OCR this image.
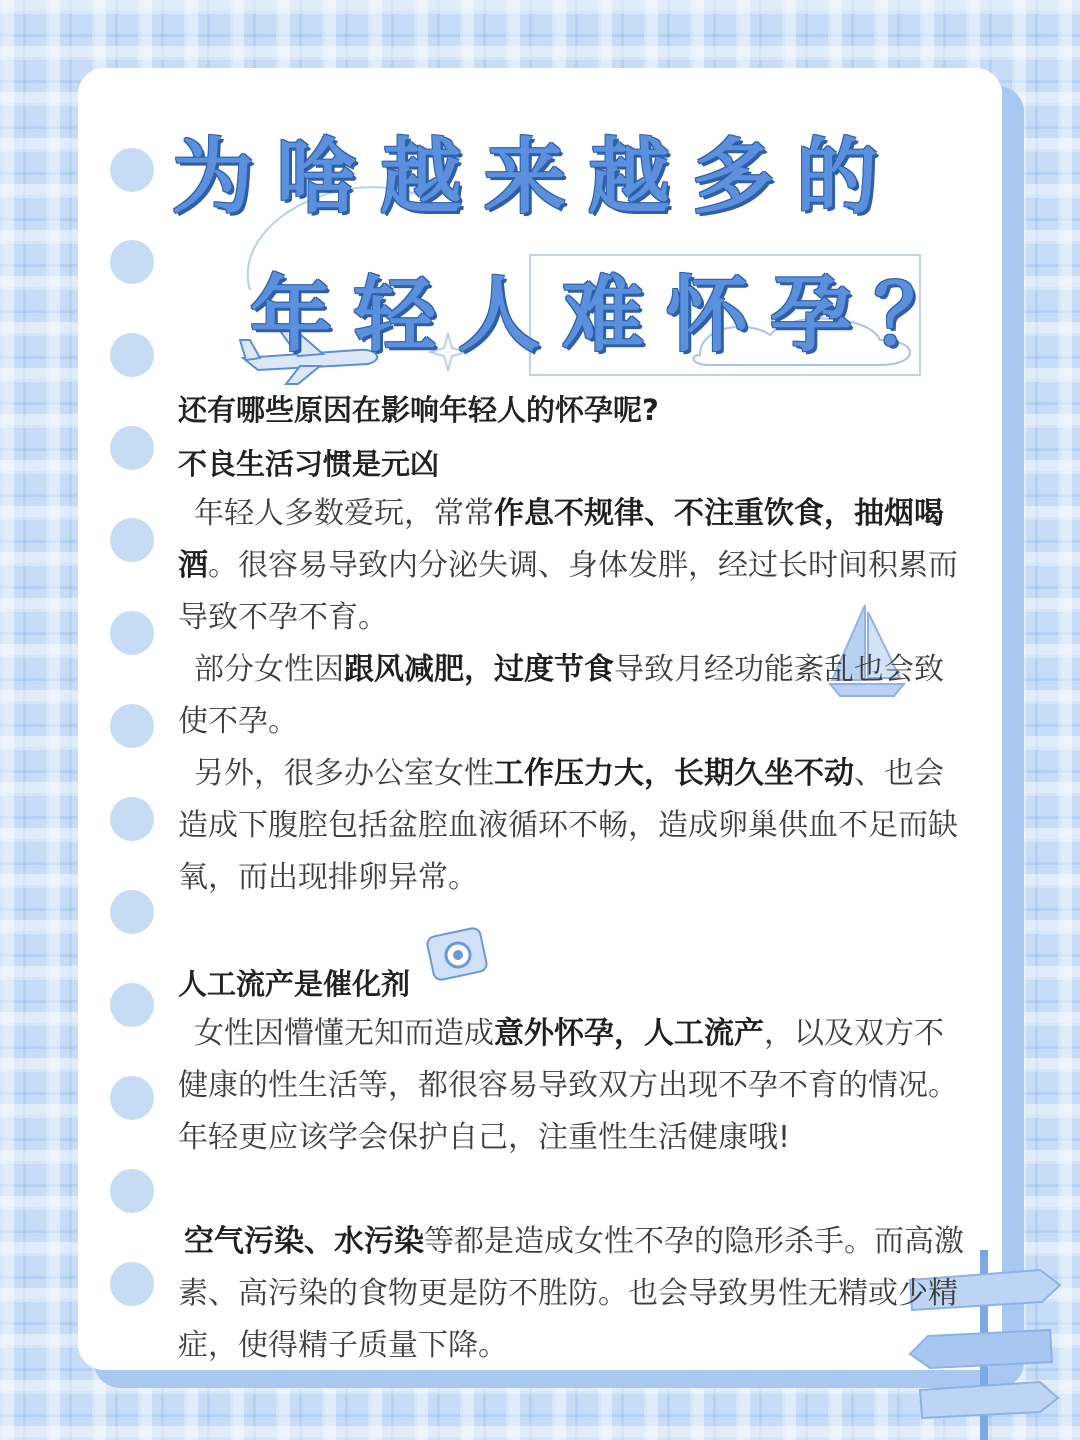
为啥越来越多的
年轻人难怀孕？
还有哪些原因在影响年轻人的怀孕呢?
不良生活习惯是元凶
年轻人多数爱玩，常常作息不规律、不注重饮食，抽烟喝酒。很容易导致内分泌失调、身体发胖，经过长时间积累而导致不孕不育。
部分女性因跟风减肥，过度节食导致月经功能紊乱也会致使不孕。
另外，很多办公室女性工作压力大，长期久坐不动、也会造成下腹腔包括盆腔血液循环不畅，造成卵巢供血不足而缺氧，而出现排卵异常。
人工流产是催化剂
女性因懵懂无知而造成意外怀孕，人工流产，以及双方不健康的性生活等，都很容易导致双方出现不孕不育的情况。年轻更应该学会保护自己，注重性生活健康哦!
空气污染、水污染等都是造成女性不孕的隐形杀手。而高激素、高污染的食物更是防不胜防。也会导致男性无精或少精症，使得精子质量下降。
